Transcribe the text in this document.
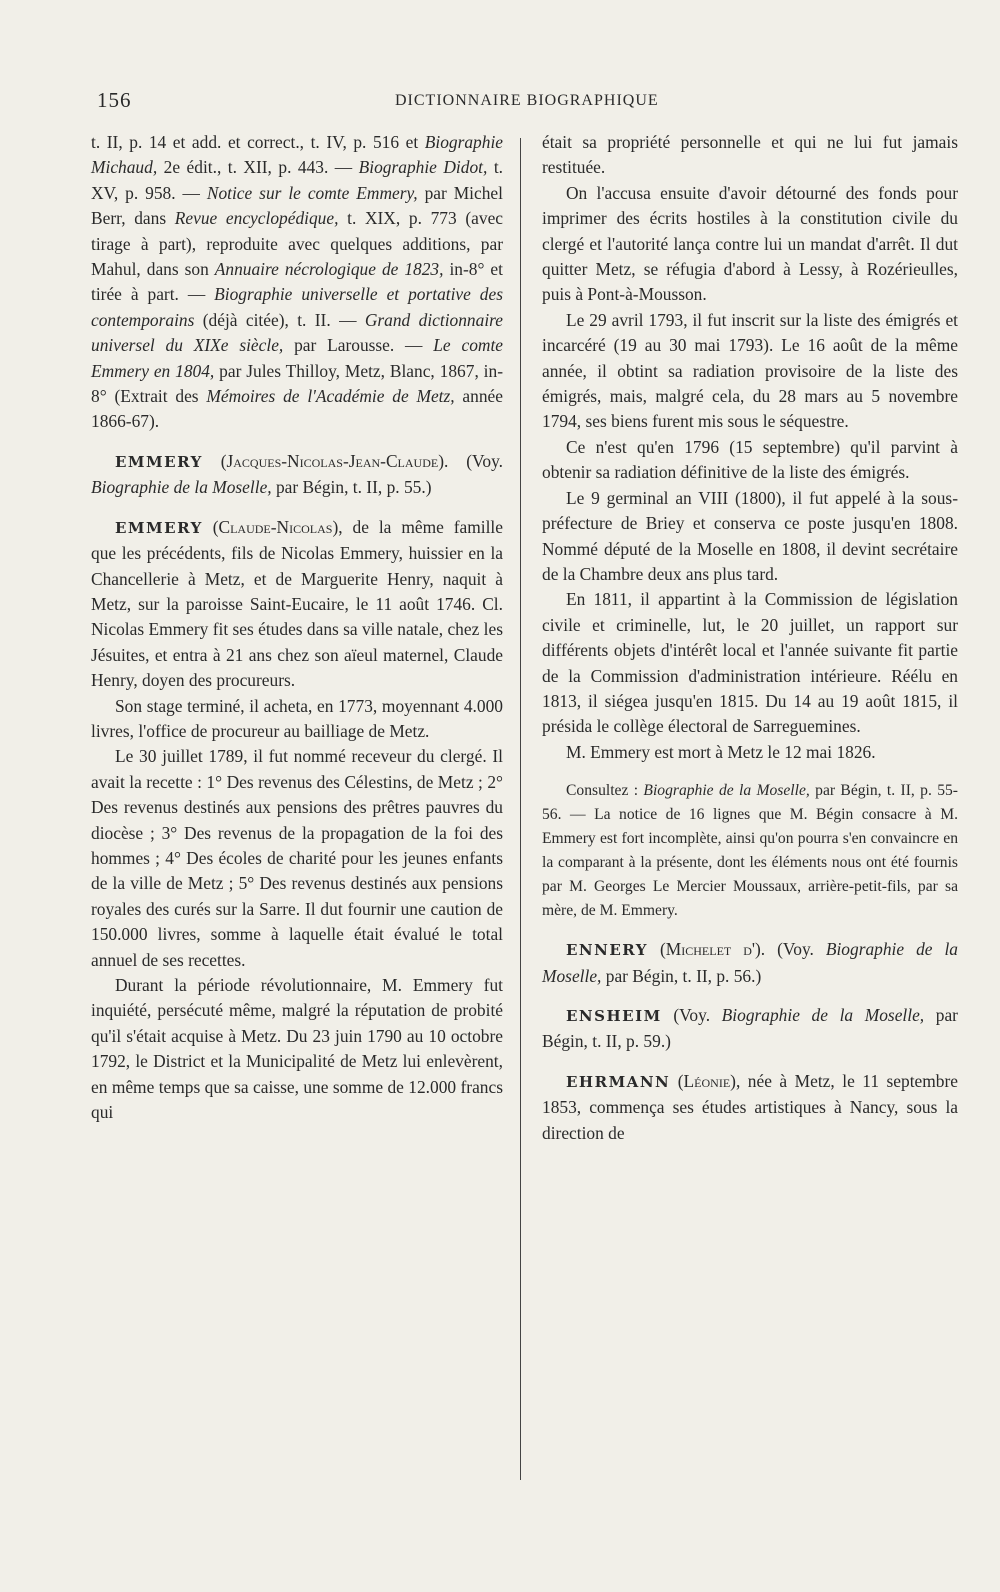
156	DICTIONNAIRE BIOGRAPHIQUE

t. II, p. 14 et add. et correct., t. IV, p. 516 et Biographie Michaud, 2e édit., t. XII, p. 443. — Biographie Didot, t. XV, p. 958. — Notice sur le comte Emmery, par Michel Berr, dans Revue encyclopédique, t. XIX, p. 773 (avec tirage à part), reproduite avec quelques additions, par Mahul, dans son Annuaire nécrologique de 1823, in-8° et tirée à part. — Biographie universelle et portative des contemporains (déjà citée), t. II. — Grand dictionnaire universel du XIXe siècle, par Larousse. — Le comte Emmery en 1804, par Jules Thilloy, Metz, Blanc, 1867, in-8° (Extrait des Mémoires de l'Académie de Metz, année 1866-67).

EMMERY (Jacques-Nicolas-Jean-Claude). (Voy. Biographie de la Moselle, par Bégin, t. II, p. 55.)

EMMERY (Claude-Nicolas), de la même famille que les précédents, fils de Nicolas Emmery, huissier en la Chancellerie à Metz, et de Marguerite Henry, naquit à Metz, sur la paroisse Saint-Eucaire, le 11 août 1746. Cl. Nicolas Emmery fit ses études dans sa ville natale, chez les Jésuites, et entra à 21 ans chez son aïeul maternel, Claude Henry, doyen des procureurs.

Son stage terminé, il acheta, en 1773, moyennant 4.000 livres, l'office de procureur au bailliage de Metz.

Le 30 juillet 1789, il fut nommé receveur du clergé. Il avait la recette : 1° Des revenus des Célestins, de Metz ; 2° Des revenus destinés aux pensions des prêtres pauvres du diocèse ; 3° Des revenus de la propagation de la foi des hommes ; 4° Des écoles de charité pour les jeunes enfants de la ville de Metz ; 5° Des revenus destinés aux pensions royales des curés sur la Sarre. Il dut fournir une caution de 150.000 livres, somme à laquelle était évalué le total annuel de ses recettes.

Durant la période révolutionnaire, M. Emmery fut inquiété, persécuté même, malgré la réputation de probité qu'il s'était acquise à Metz. Du 23 juin 1790 au 10 octobre 1792, le District et la Municipalité de Metz lui enlevèrent, en même temps que sa caisse, une somme de 12.000 francs qui

était sa propriété personnelle et qui ne lui fut jamais restituée.

On l'accusa ensuite d'avoir détourné des fonds pour imprimer des écrits hostiles à la constitution civile du clergé et l'autorité lança contre lui un mandat d'arrêt. Il dut quitter Metz, se réfugia d'abord à Lessy, à Rozérieulles, puis à Pont-à-Mousson.

Le 29 avril 1793, il fut inscrit sur la liste des émigrés et incarcéré (19 au 30 mai 1793). Le 16 août de la même année, il obtint sa radiation provisoire de la liste des émigrés, mais, malgré cela, du 28 mars au 5 novembre 1794, ses biens furent mis sous le séquestre.

Ce n'est qu'en 1796 (15 septembre) qu'il parvint à obtenir sa radiation définitive de la liste des émigrés.

Le 9 germinal an VIII (1800), il fut appelé à la sous-préfecture de Briey et conserva ce poste jusqu'en 1808. Nommé député de la Moselle en 1808, il devint secrétaire de la Chambre deux ans plus tard.

En 1811, il appartint à la Commission de législation civile et criminelle, lut, le 20 juillet, un rapport sur différents objets d'intérêt local et l'année suivante fit partie de la Commission d'administration intérieure. Réélu en 1813, il siégea jusqu'en 1815. Du 14 au 19 août 1815, il présida le collège électoral de Sarreguemines.

M. Emmery est mort à Metz le 12 mai 1826.

Consultez : Biographie de la Moselle, par Bégin, t. II, p. 55-56. — La notice de 16 lignes que M. Bégin consacre à M. Emmery est fort incomplète, ainsi qu'on pourra s'en convaincre en la comparant à la présente, dont les éléments nous ont été fournis par M. Georges Le Mercier Moussaux, arrière-petit-fils, par sa mère, de M. Emmery.

ENNERY (Michelet d'). (Voy. Biographie de la Moselle, par Bégin, t. II, p. 56.)

ENSHEIM (Voy. Biographie de la Moselle, par Bégin, t. II, p. 59.)

EHRMANN (Léonie), née à Metz, le 11 septembre 1853, commença ses études artistiques à Nancy, sous la direction de
